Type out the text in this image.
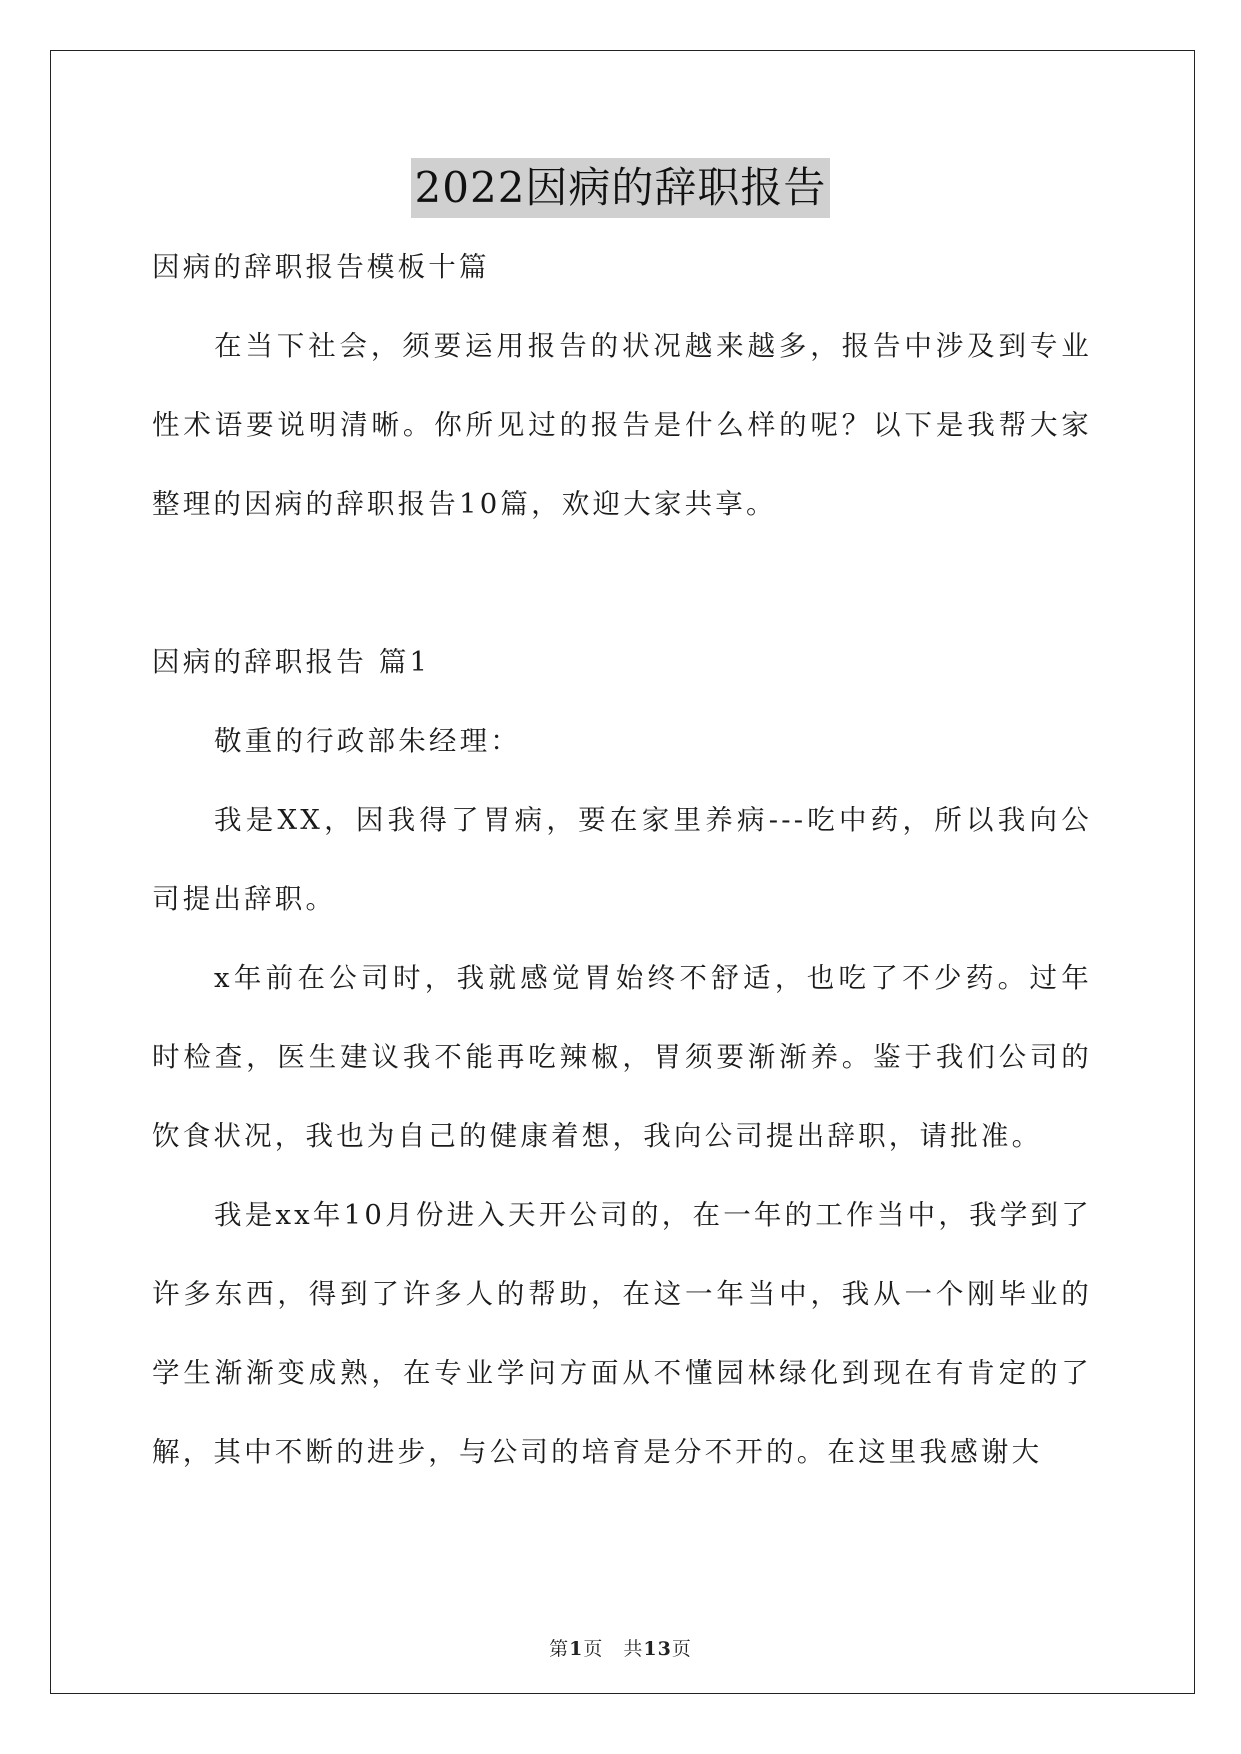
2022因病的辞职报告

因病的辞职报告模板十篇

在当下社会，须要运用报告的状况越来越多，报告中涉及到专业性术语要说明清晰。你所见过的报告是什么样的呢？以下是我帮大家整理的因病的辞职报告10篇，欢迎大家共享。

因病的辞职报告 篇1

敬重的行政部朱经理：

我是XX，因我得了胃病，要在家里养病---吃中药，所以我向公司提出辞职。

x年前在公司时，我就感觉胃始终不舒适，也吃了不少药。过年时检查，医生建议我不能再吃辣椒，胃须要渐渐养。鉴于我们公司的饮食状况，我也为自己的健康着想，我向公司提出辞职，请批准。

我是xx年10月份进入天开公司的，在一年的工作当中，我学到了许多东西，得到了许多人的帮助，在这一年当中，我从一个刚毕业的学生渐渐变成熟，在专业学问方面从不懂园林绿化到现在有肯定的了解，其中不断的进步，与公司的培育是分不开的。在这里我感谢大

第1页　共13页
